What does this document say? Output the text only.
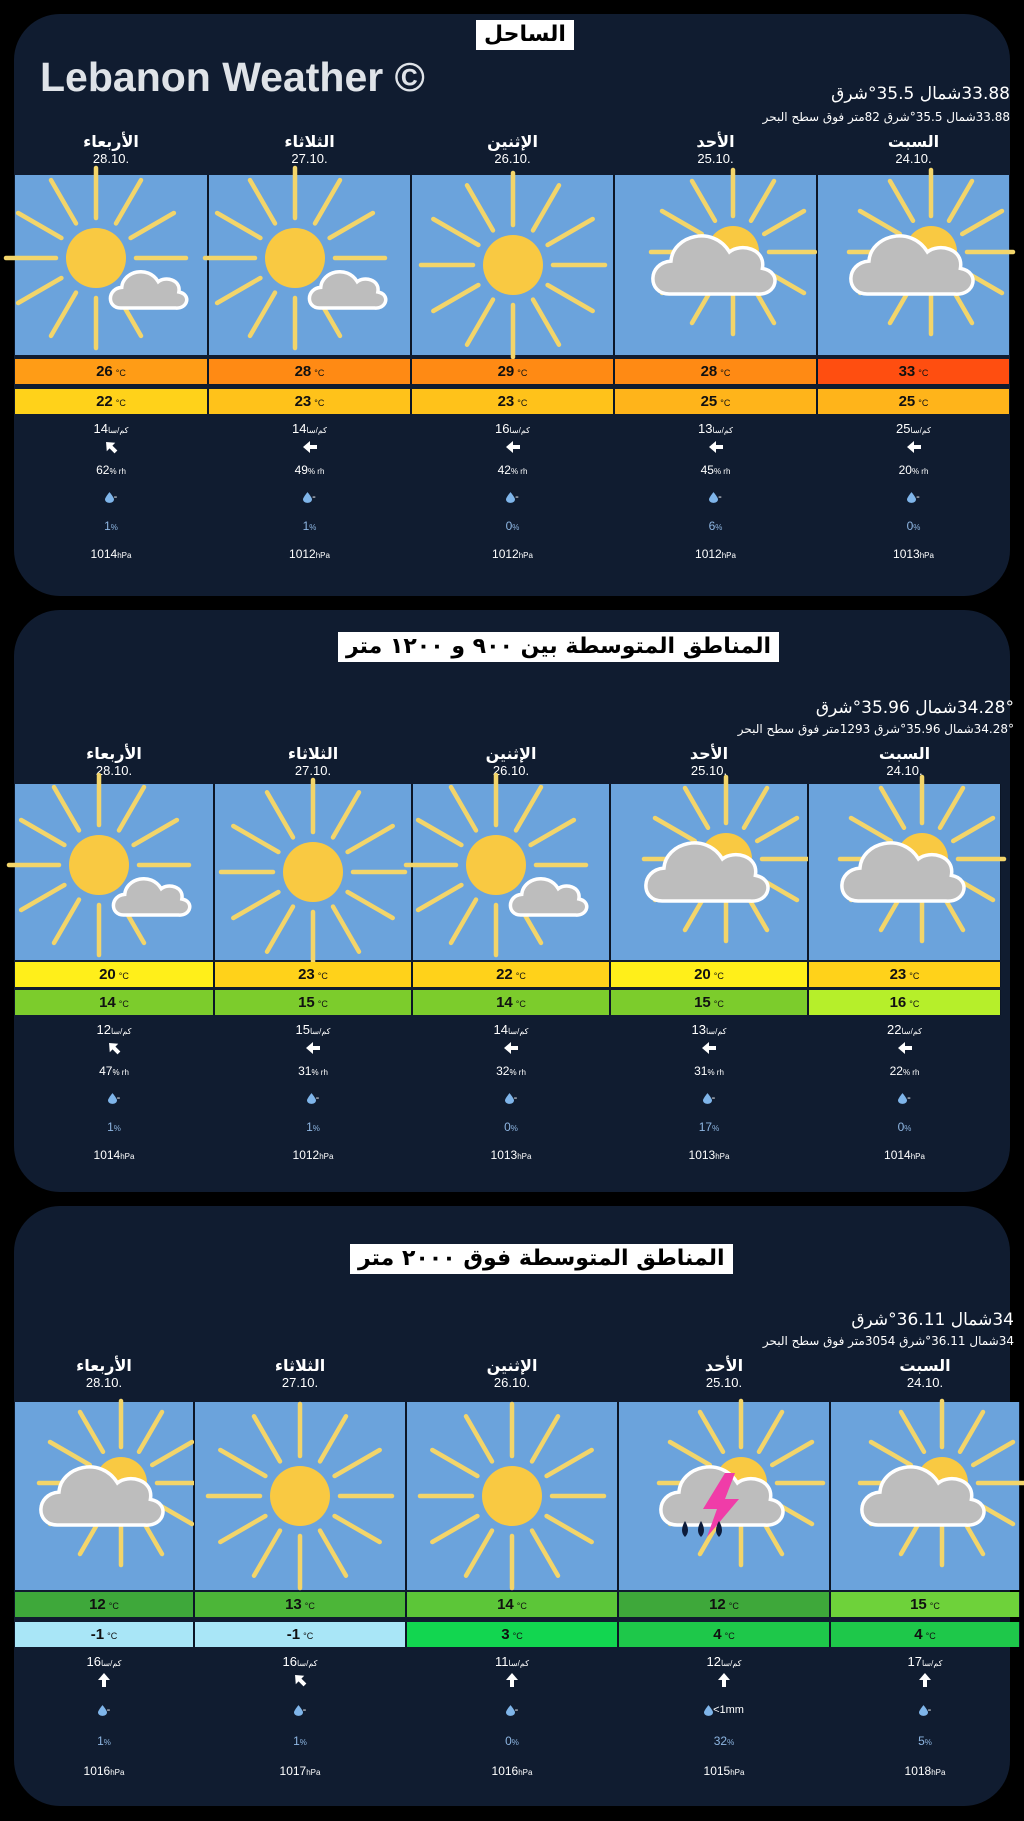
الساحل
Lebanon Weather ©	33.88شمال 35.5°شرق
33.88شمال 35.5°شرق 82متر فوق سطح البحر
الأربعاء
28.10.
26 °C
22 °C
14كم/سا
62% rh
-
1%
1014hPa
الثلاثاء
27.10.
28 °C
23 °C
14كم/سا
49% rh
-
1%
1012hPa
الإثنين
26.10.
29 °C
23 °C
16كم/سا
42% rh
-
0%
1012hPa
الأحد
25.10.
28 °C
25 °C
13كم/سا
45% rh
-
6%
1012hPa
السبت
24.10.
33 °C
25 °C
25كم/سا
20% rh
-
0%
1013hPa
المناطق المتوسطة بين ٩٠٠ و ١٢٠٠ متر
34.28°شمال 35.96°شرق
34.28°شمال 35.96°شرق 1293متر فوق سطح البحر
الأربعاء
28.10.
20 °C
14 °C
12كم/سا
47% rh
-
1%
1014hPa
الثلاثاء
27.10.
23 °C
15 °C
15كم/سا
31% rh
-
1%
1012hPa
الإثنين
26.10.
22 °C
14 °C
14كم/سا
32% rh
-
0%
1013hPa
الأحد
25.10.
20 °C
15 °C
13كم/سا
31% rh
-
17%
1013hPa
السبت
24.10.
23 °C
16 °C
22كم/سا
22% rh
-
0%
1014hPa
المناطق المتوسطة فوق ٢٠٠٠ متر
34شمال 36.11°شرق
34شمال 36.11°شرق 3054متر فوق سطح البحر
الأربعاء
28.10.
12 °C
-1 °C
16كم/سا
-
1%
1016hPa
الثلاثاء
27.10.
13 °C
-1 °C
16كم/سا
-
1%
1017hPa
الإثنين
26.10.
14 °C
3 °C
11كم/سا
-
0%
1016hPa
الأحد
25.10.
12 °C
4 °C
12كم/سا
<1mm
32%
1015hPa
السبت
24.10.
15 °C
4 °C
17كم/سا
-
5%
1018hPa
